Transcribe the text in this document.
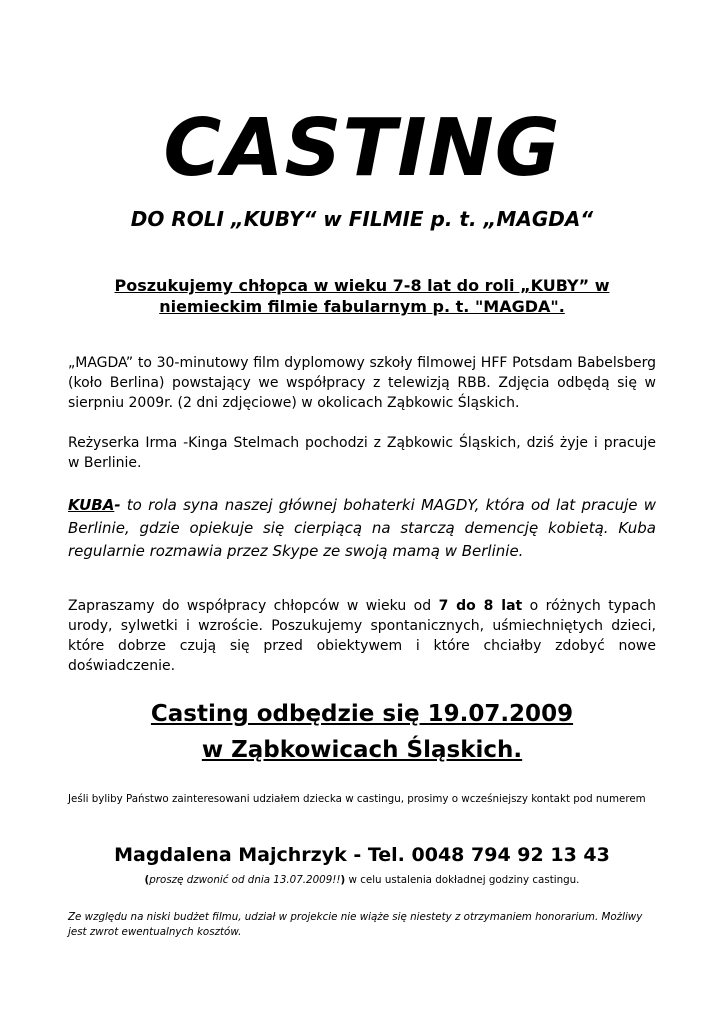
CASTING
DO ROLI „KUBY“ w FILMIE p. t. „MAGDA“
Poszukujemy chłopca w wieku 7-8 lat do roli „KUBY” w
niemieckim filmie fabularnym p. t. "MAGDA".
„MAGDA” to 30-minutowy film dyplomowy szkoły filmowej HFF Potsdam Babelsberg (koło Berlina) powstający we współpracy z telewizją RBB. Zdjęcia odbędą się w sierpniu 2009r. (2 dni zdjęciowe) w okolicach Ząbkowic Śląskich.
Reżyserka Irma -Kinga Stelmach pochodzi z Ząbkowic Śląskich, dziś żyje i pracuje w Berlinie.
KUBA- to rola syna naszej głównej bohaterki MAGDY, która od lat pracuje w Berlinie, gdzie opiekuje się cierpiącą na starczą demencję kobietą. Kuba regularnie rozmawia przez Skype ze swoją mamą w Berlinie.
Zapraszamy do współpracy chłopców w wieku od 7 do 8 lat o różnych typach urody, sylwetki i wzroście. Poszukujemy spontanicznych, uśmiechniętych dzieci, które dobrze czują się przed obiektywem i które chciałby zdobyć nowe doświadczenie.
Casting odbędzie się 19.07.2009
w Ząbkowicach Śląskich.
Jeśli byliby Państwo zainteresowani udziałem dziecka w castingu, prosimy o wcześniejszy kontakt pod numerem
Magdalena Majchrzyk - Tel. 0048 794 92 13 43
(proszę dzwonić od dnia 13.07.2009!!) w celu ustalenia dokładnej godziny castingu.
Ze względu na niski budżet filmu, udział w projekcie nie wiąże się niestety z otrzymaniem honorarium. Możliwy jest zwrot ewentualnych kosztów.
